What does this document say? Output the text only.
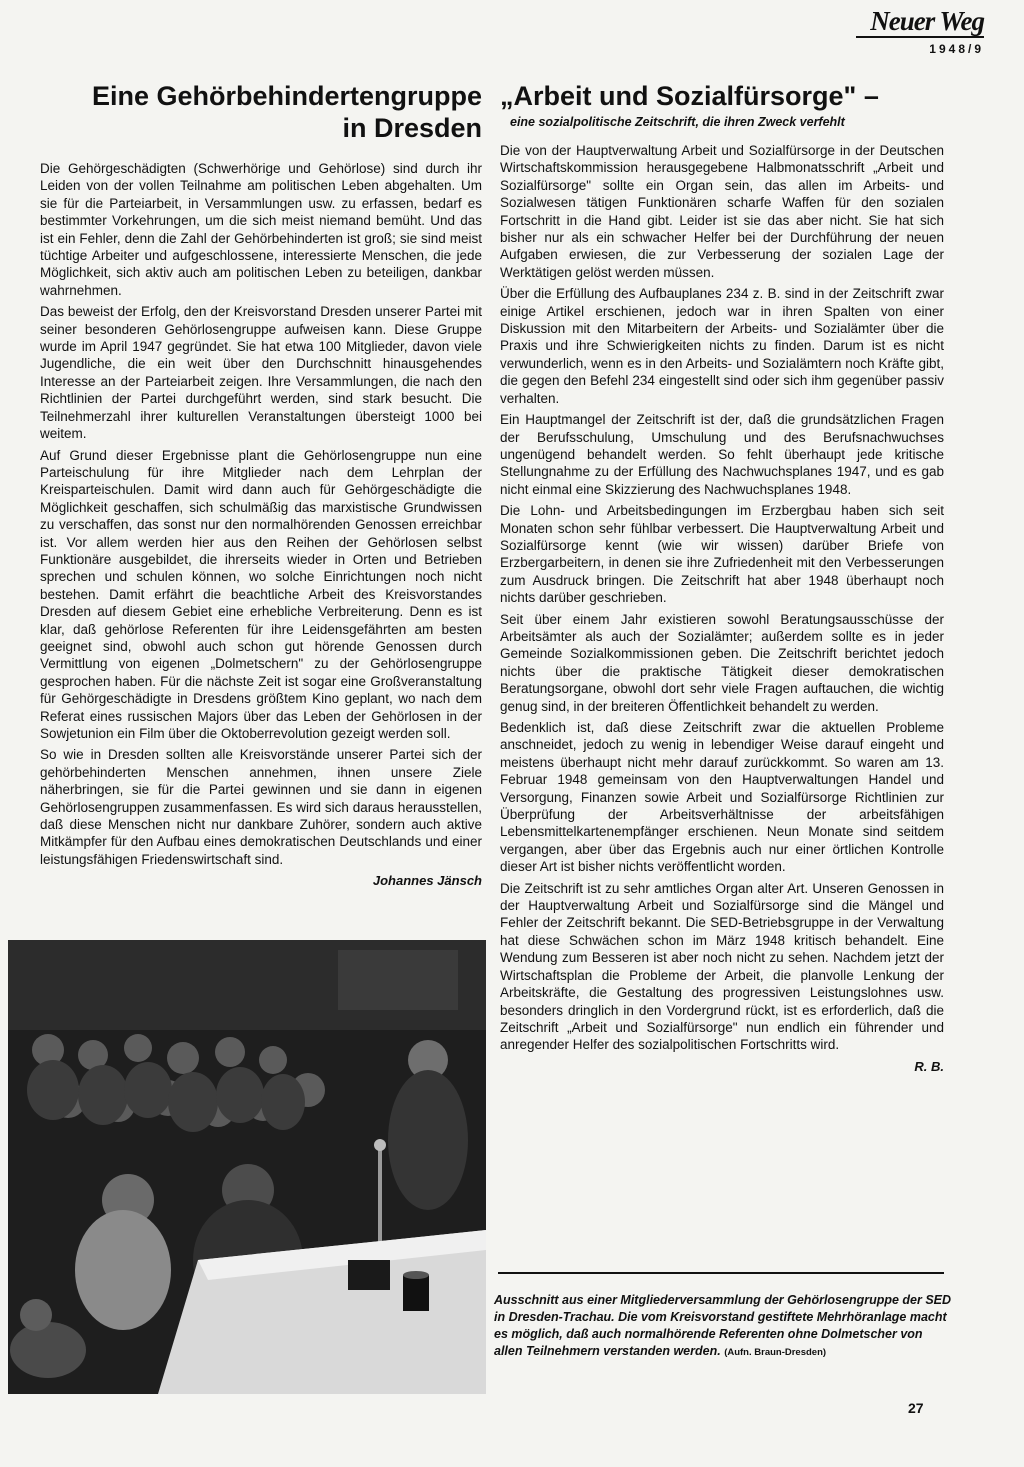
Neuer Weg
1948/9
Eine Gehörbehindertengruppe
in Dresden

Die Gehörgeschädigten (Schwerhörige und Gehörlose) sind durch ihr Leiden von der vollen Teilnahme am politischen Leben abgehalten. Um sie für die Parteiarbeit, in Versammlungen usw. zu erfassen, bedarf es bestimmter Vorkehrungen, um die sich meist niemand bemüht. Und das ist ein Fehler, denn die Zahl der Gehörbehinderten ist groß; sie sind meist tüchtige Arbeiter und aufgeschlossene, interessierte Menschen, die jede Möglichkeit, sich aktiv auch am politischen Leben zu beteiligen, dankbar wahrnehmen.

Das beweist der Erfolg, den der Kreisvorstand Dresden unserer Partei mit seiner besonderen Gehörlosengruppe aufweisen kann. Diese Gruppe wurde im April 1947 gegründet. Sie hat etwa 100 Mitglieder, davon viele Jugendliche, die ein weit über den Durchschnitt hinausgehendes Interesse an der Parteiarbeit zeigen. Ihre Versammlungen, die nach den Richtlinien der Partei durchgeführt werden, sind stark besucht. Die Teilnehmerzahl ihrer kulturellen Veranstaltungen übersteigt 1000 bei weitem.

Auf Grund dieser Ergebnisse plant die Gehörlosengruppe nun eine Parteischulung für ihre Mitglieder nach dem Lehrplan der Kreisparteischulen. Damit wird dann auch für Gehörgeschädigte die Möglichkeit geschaffen, sich schulmäßig das marxistische Grundwissen zu verschaffen, das sonst nur den normalhörenden Genossen erreichbar ist. Vor allem werden hier aus den Reihen der Gehörlosen selbst Funktionäre ausgebildet, die ihrerseits wieder in Orten und Betrieben sprechen und schulen können, wo solche Einrichtungen noch nicht bestehen. Damit erfährt die beachtliche Arbeit des Kreisvorstandes Dresden auf diesem Gebiet eine erhebliche Verbreiterung. Denn es ist klar, daß gehörlose Referenten für ihre Leidensgefährten am besten geeignet sind, obwohl auch schon gut hörende Genossen durch Vermittlung von eigenen „Dolmetschern" zu der Gehörlosengruppe gesprochen haben. Für die nächste Zeit ist sogar eine Großveranstaltung für Gehörgeschädigte in Dresdens größtem Kino geplant, wo nach dem Referat eines russischen Majors über das Leben der Gehörlosen in der Sowjetunion ein Film über die Oktoberrevolution gezeigt werden soll.

So wie in Dresden sollten alle Kreisvorstände unserer Partei sich der gehörbehinderten Menschen annehmen, ihnen unsere Ziele näherbringen, sie für die Partei gewinnen und sie dann in eigenen Gehörlosengruppen zusammenfassen. Es wird sich daraus herausstellen, daß diese Menschen nicht nur dankbare Zuhörer, sondern auch aktive Mitkämpfer für den Aufbau eines demokratischen Deutschlands und einer leistungsfähigen Friedenswirtschaft sind.

Johannes Jänsch
„Arbeit und Sozialfürsorge" –
eine sozialpolitische Zeitschrift, die ihren Zweck verfehlt

Die von der Hauptverwaltung Arbeit und Sozialfürsorge in der Deutschen Wirtschaftskommission herausgegebene Halbmonatsschrift „Arbeit und Sozialfürsorge" sollte ein Organ sein, das allen im Arbeits- und Sozialwesen tätigen Funktionären scharfe Waffen für den sozialen Fortschritt in die Hand gibt. Leider ist sie das aber nicht. Sie hat sich bisher nur als ein schwacher Helfer bei der Durchführung der neuen Aufgaben erwiesen, die zur Verbesserung der sozialen Lage der Werktätigen gelöst werden müssen.

Über die Erfüllung des Aufbauplanes 234 z. B. sind in der Zeitschrift zwar einige Artikel erschienen, jedoch war in ihren Spalten von einer Diskussion mit den Mitarbeitern der Arbeits- und Sozialämter über die Praxis und ihre Schwierigkeiten nichts zu finden. Darum ist es nicht verwunderlich, wenn es in den Arbeits- und Sozialämtern noch Kräfte gibt, die gegen den Befehl 234 eingestellt sind oder sich ihm gegenüber passiv verhalten.

Ein Hauptmangel der Zeitschrift ist der, daß die grundsätzlichen Fragen der Berufsschulung, Umschulung und des Berufsnachwuchses ungenügend behandelt werden. So fehlt überhaupt jede kritische Stellungnahme zu der Erfüllung des Nachwuchsplanes 1947, und es gab nicht einmal eine Skizzierung des Nachwuchsplanes 1948.

Die Lohn- und Arbeitsbedingungen im Erzbergbau haben sich seit Monaten schon sehr fühlbar verbessert. Die Hauptverwaltung Arbeit und Sozialfürsorge kennt (wie wir wissen) darüber Briefe von Erzbergarbeitern, in denen sie ihre Zufriedenheit mit den Verbesserungen zum Ausdruck bringen. Die Zeitschrift hat aber 1948 überhaupt noch nichts darüber geschrieben.

Seit über einem Jahr existieren sowohl Beratungsausschüsse der Arbeitsämter als auch der Sozialämter; außerdem sollte es in jeder Gemeinde Sozialkommissionen geben. Die Zeitschrift berichtet jedoch nichts über die praktische Tätigkeit dieser demokratischen Beratungsorgane, obwohl dort sehr viele Fragen auftauchen, die wichtig genug sind, in der breiteren Öffentlichkeit behandelt zu werden.

Bedenklich ist, daß diese Zeitschrift zwar die aktuellen Probleme anschneidet, jedoch zu wenig in lebendiger Weise darauf eingeht und meistens überhaupt nicht mehr darauf zurückkommt. So waren am 13. Februar 1948 gemeinsam von den Hauptverwaltungen Handel und Versorgung, Finanzen sowie Arbeit und Sozialfürsorge Richtlinien zur Überprüfung der Arbeitsverhältnisse der arbeitsfähigen Lebensmittelkartenempfänger erschienen. Neun Monate sind seitdem vergangen, aber über das Ergebnis auch nur einer örtlichen Kontrolle dieser Art ist bisher nichts veröffentlicht worden.

Die Zeitschrift ist zu sehr amtliches Organ alter Art. Unseren Genossen in der Hauptverwaltung Arbeit und Sozialfürsorge sind die Mängel und Fehler der Zeitschrift bekannt. Die SED-Betriebsgruppe in der Verwaltung hat diese Schwächen schon im März 1948 kritisch behandelt. Eine Wendung zum Besseren ist aber noch nicht zu sehen. Nachdem jetzt der Wirtschaftsplan die Probleme der Arbeit, die planvolle Lenkung der Arbeitskräfte, die Gestaltung des progressiven Leistungslohnes usw. besonders dringlich in den Vordergrund rückt, ist es erforderlich, daß die Zeitschrift „Arbeit und Sozialfürsorge" nun endlich ein führender und anregender Helfer des sozialpolitischen Fortschritts wird.

R. B.
Ausschnitt aus einer Mitgliederversammlung der Gehörlosengruppe der SED in Dresden-Trachau. Die vom Kreisvorstand gestiftete Mehrhöranlage macht es möglich, daß auch normalhörende Referenten ohne Dolmetscher von allen Teilnehmern verstanden werden. (Aufn. Braun-Dresden)
27
